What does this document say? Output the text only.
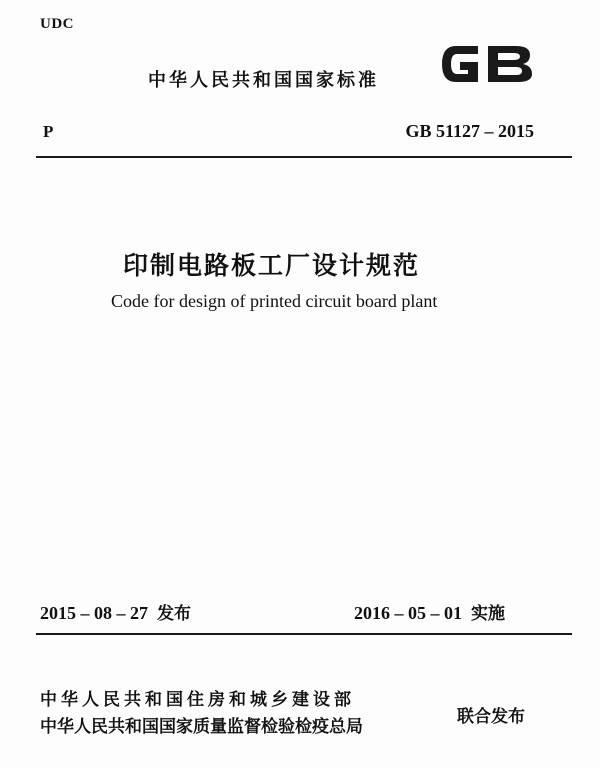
UDC
中华人民共和国国家标准
P	GB 51127 – 2015
印制电路板工厂设计规范
Code for design of printed circuit board plant
2015 – 08 – 27 发布	2016 – 05 – 01 实施
中华人民共和国住房和城乡建设部
中华人民共和国国家质量监督检验检疫总局	联合发布
